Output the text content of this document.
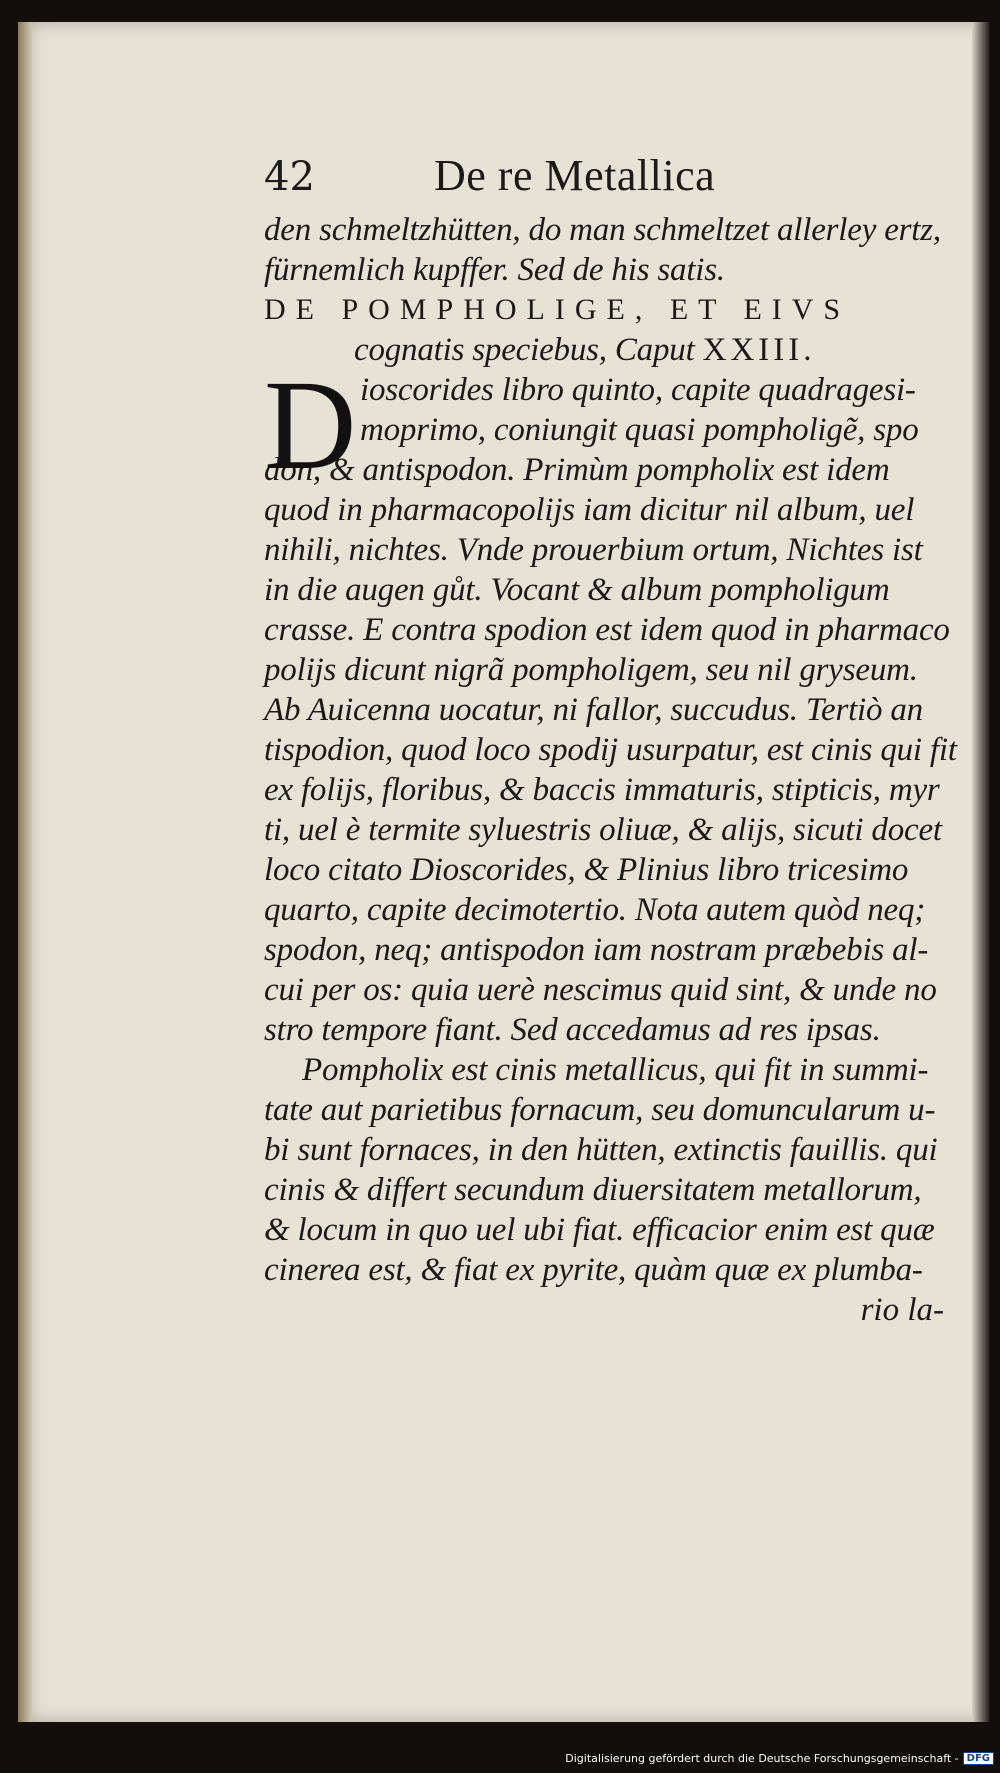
42	De re Metallica
den schmeltzhütten, do man schmeltzet allerley ertz,
fürnemlich kupffer. Sed de his satis.
DE POMPHOLIGE, ET EIVS
cognatis speciebus, Caput XXIII.
D ioscorides libro quinto, capite quadragesi-
moprimo, coniungit quasi pompholigẽ, spo
don, & antispodon. Primùm pompholix est idem
quod in pharmacopolijs iam dicitur nil album, uel
nihili, nichtes. Vnde prouerbium ortum, Nichtes ist
in die augen gůt. Vocant & album pompholigum
crasse. E contra spodion est idem quod in pharmaco
polijs dicunt nigrã pompholigem, seu nil gryseum.
Ab Auicenna uocatur, ni fallor, succudus. Tertiò an
tispodion, quod loco spodij usurpatur, est cinis qui fit
ex folijs, floribus, & baccis immaturis, stipticis, myr
ti, uel è termite syluestris oliuæ, & alijs, sicuti docet
loco citato Dioscorides, & Plinius libro tricesimo
quarto, capite decimotertio. Nota autem quòd neq;
spodon, neq; antispodon iam nostram præbebis al-
cui per os: quia uerè nescimus quid sint, & unde no
stro tempore fiant. Sed accedamus ad res ipsas.
Pompholix est cinis metallicus, qui fit in summi-
tate aut parietibus fornacum, seu domuncularum u-
bi sunt fornaces, in den hütten, extinctis fauillis. qui
cinis & differt secundum diuersitatem metallorum,
& locum in quo uel ubi fiat. efficacior enim est quæ
cinerea est, & fiat ex pyrite, quàm quæ ex plumba-
rio la-
Digitalisierung gefördert durch die Deutsche Forschungsgemeinschaft - DFG
